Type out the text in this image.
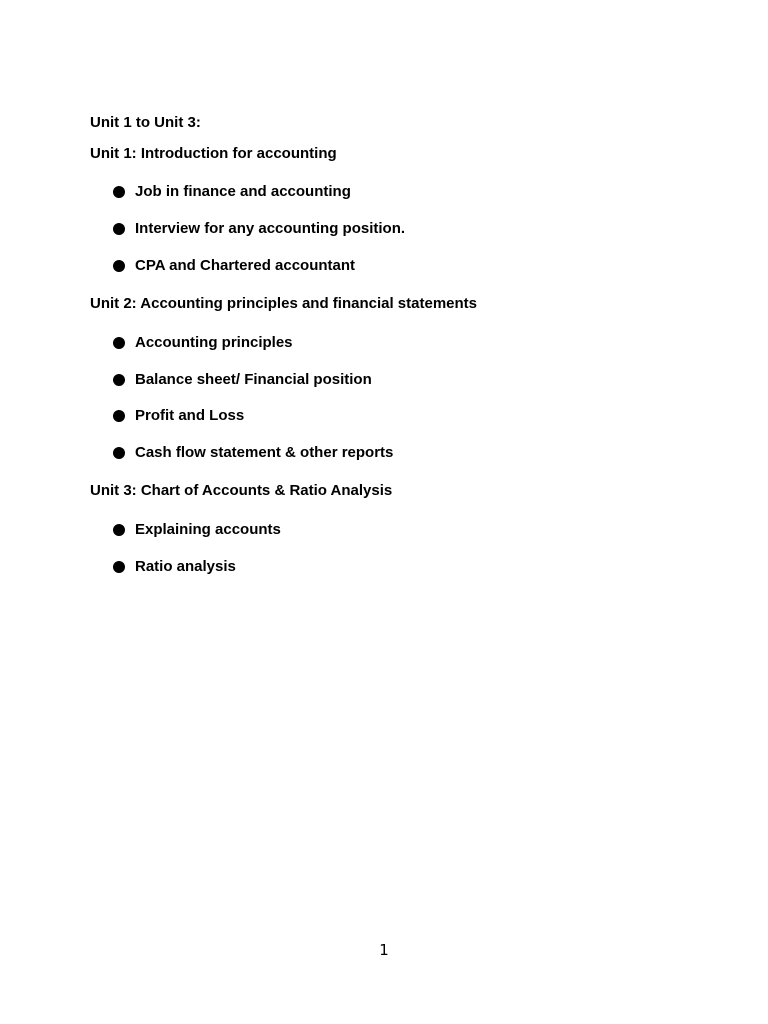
Unit 1 to Unit 3:
Unit 1: Introduction for accounting
Job in finance and accounting
Interview for any accounting position.
CPA and Chartered accountant
Unit 2: Accounting principles and financial statements
Accounting principles
Balance sheet/ Financial position
Profit and Loss
Cash flow statement & other reports
Unit 3: Chart of Accounts & Ratio Analysis
Explaining accounts
Ratio analysis
1
